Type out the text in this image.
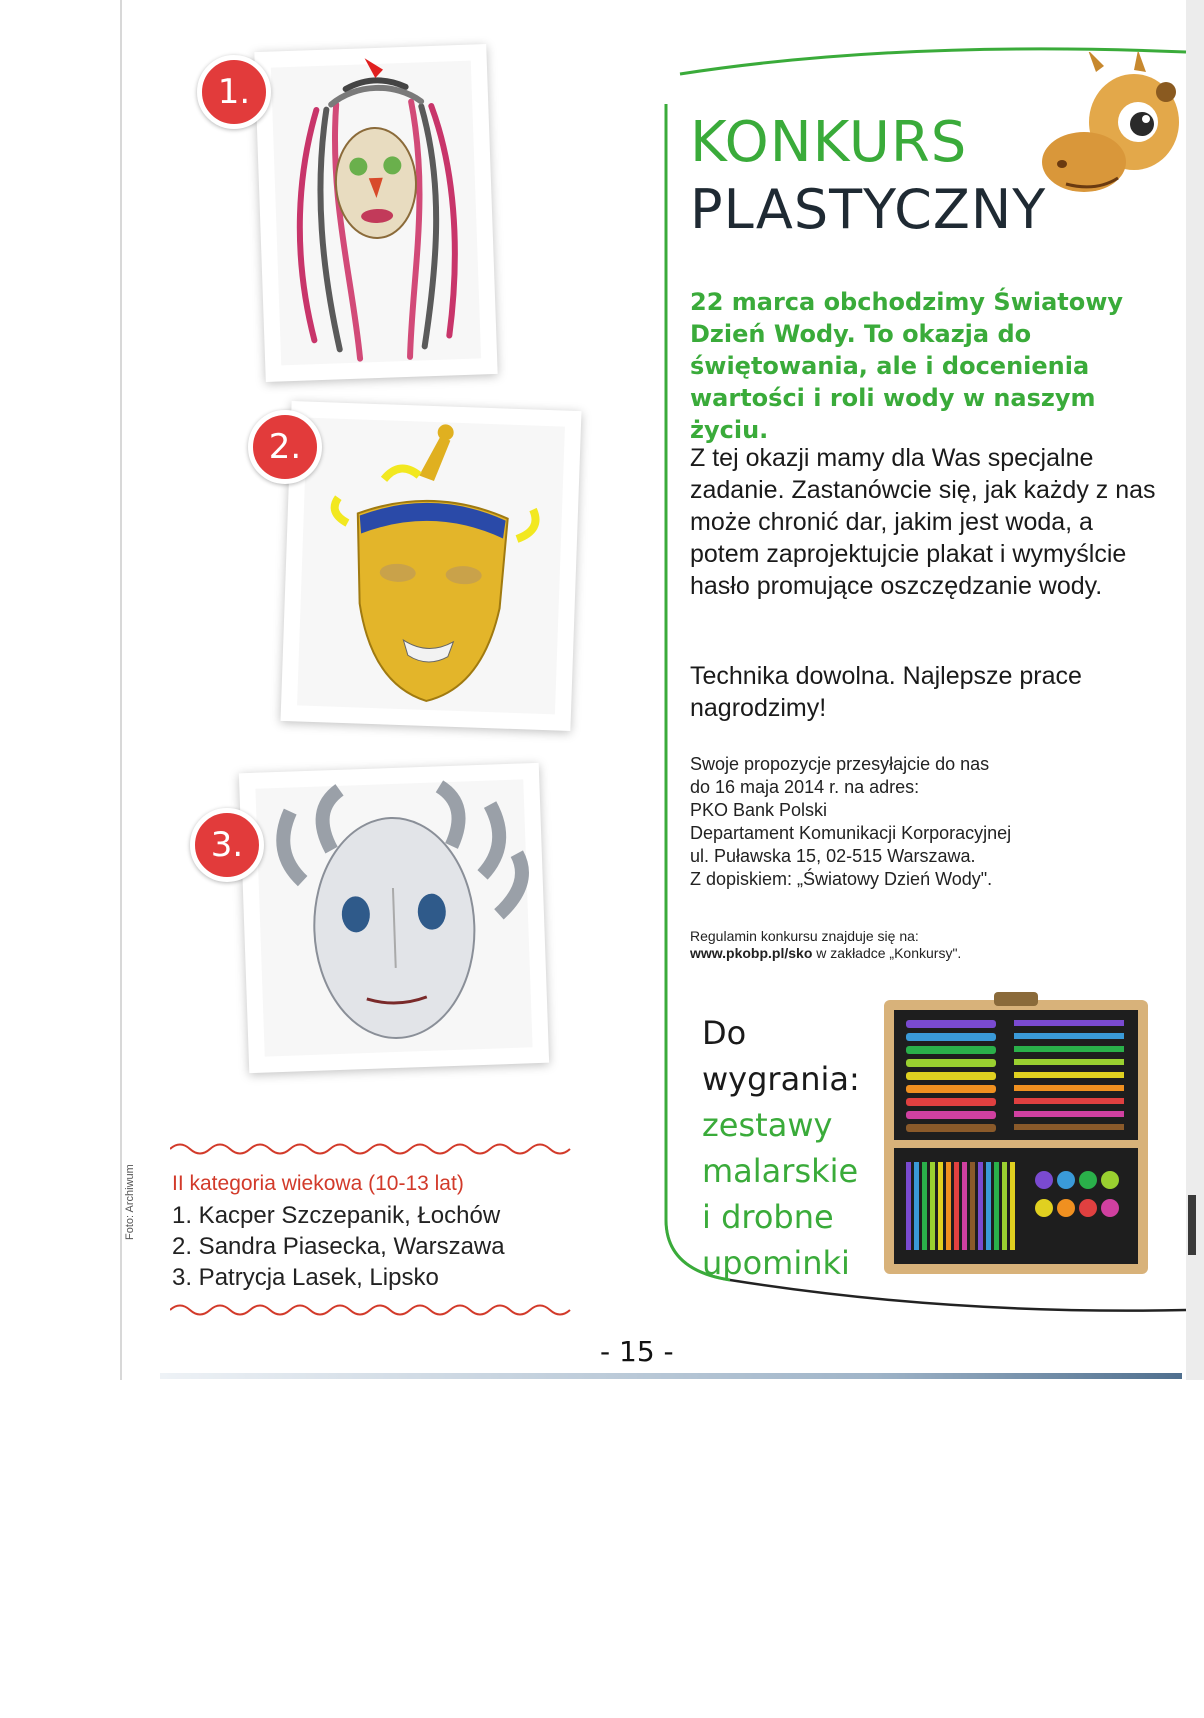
1.
2.
3.
II kategoria wiekowa (10-13 lat)
1. Kacper Szczepanik, Łochów
2. Sandra Piasecka, Warszawa
3. Patrycja Lasek, Lipsko
Foto: Archiwum
- 15 -
KONKURS
PLASTYCZNY
22 marca obchodzimy Światowy Dzień Wody. To okazja do świętowania, ale i docenienia wartości i roli wody w naszym życiu.
Z tej okazji mamy dla Was specjalne zadanie. Zastanówcie się, jak każdy z nas może chronić dar, jakim jest woda, a potem zaprojektujcie plakat i wymyślcie hasło promujące oszczędzanie wody.
Technika dowolna. Najlepsze prace nagrodzimy!
Swoje propozycje przesyłajcie do nas
do 16 maja 2014 r. na adres:
PKO Bank Polski
Departament Komunikacji Korporacyjnej
ul. Puławska 15, 02-515 Warszawa.
Z dopiskiem: „Światowy Dzień Wody".
Regulamin konkursu znajduje się na:
www.pkobp.pl/sko w zakładce „Konkursy".
Do
wygrania:
zestawy
malarskie
i drobne
upominki
